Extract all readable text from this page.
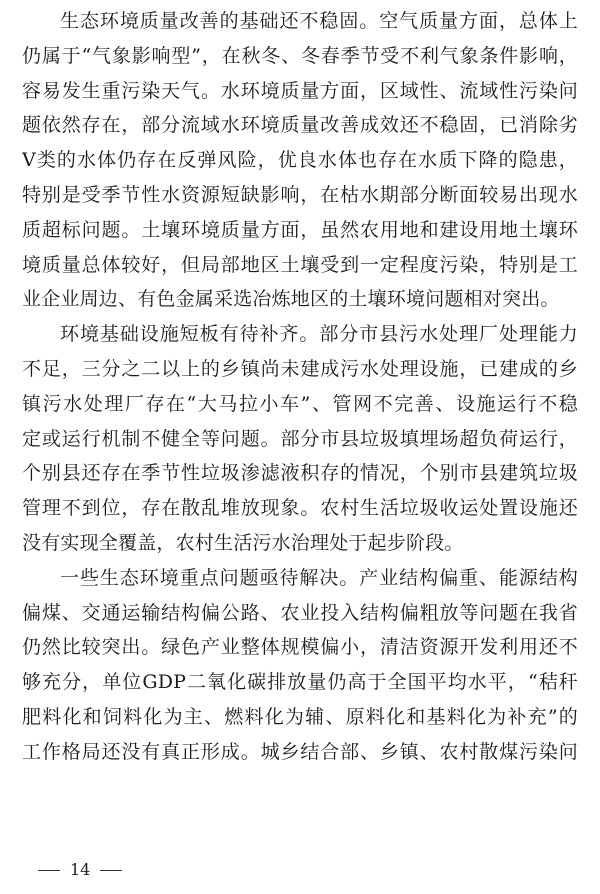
生态环境质量改善的基础还不稳固。空气质量方面，总体上
仍属于“气象影响型”，在秋冬、冬春季节受不利气象条件影响，
容易发生重污染天气。水环境质量方面，区域性、流域性污染问
题依然存在，部分流域水环境质量改善成效还不稳固，已消除劣
Ⅴ类的水体仍存在反弹风险，优良水体也存在水质下降的隐患，
特别是受季节性水资源短缺影响，在枯水期部分断面较易出现水
质超标问题。土壤环境质量方面，虽然农用地和建设用地土壤环
境质量总体较好，但局部地区土壤受到一定程度污染，特别是工
业企业周边、有色金属采选冶炼地区的土壤环境问题相对突出。
环境基础设施短板有待补齐。部分市县污水处理厂处理能力
不足，三分之二以上的乡镇尚未建成污水处理设施，已建成的乡
镇污水处理厂存在“大马拉小车”、管网不完善、设施运行不稳
定或运行机制不健全等问题。部分市县垃圾填埋场超负荷运行，
个别县还存在季节性垃圾渗滤液积存的情况，个别市县建筑垃圾
管理不到位，存在散乱堆放现象。农村生活垃圾收运处置设施还
没有实现全覆盖，农村生活污水治理处于起步阶段。
一些生态环境重点问题亟待解决。产业结构偏重、能源结构
偏煤、交通运输结构偏公路、农业投入结构偏粗放等问题在我省
仍然比较突出。绿色产业整体规模偏小，清洁资源开发利用还不
够充分，单位GDP二氧化碳排放量仍高于全国平均水平，“秸秆
肥料化和饲料化为主、燃料化为辅、原料化和基料化为补充”的
工作格局还没有真正形成。城乡结合部、乡镇、农村散煤污染问
14
